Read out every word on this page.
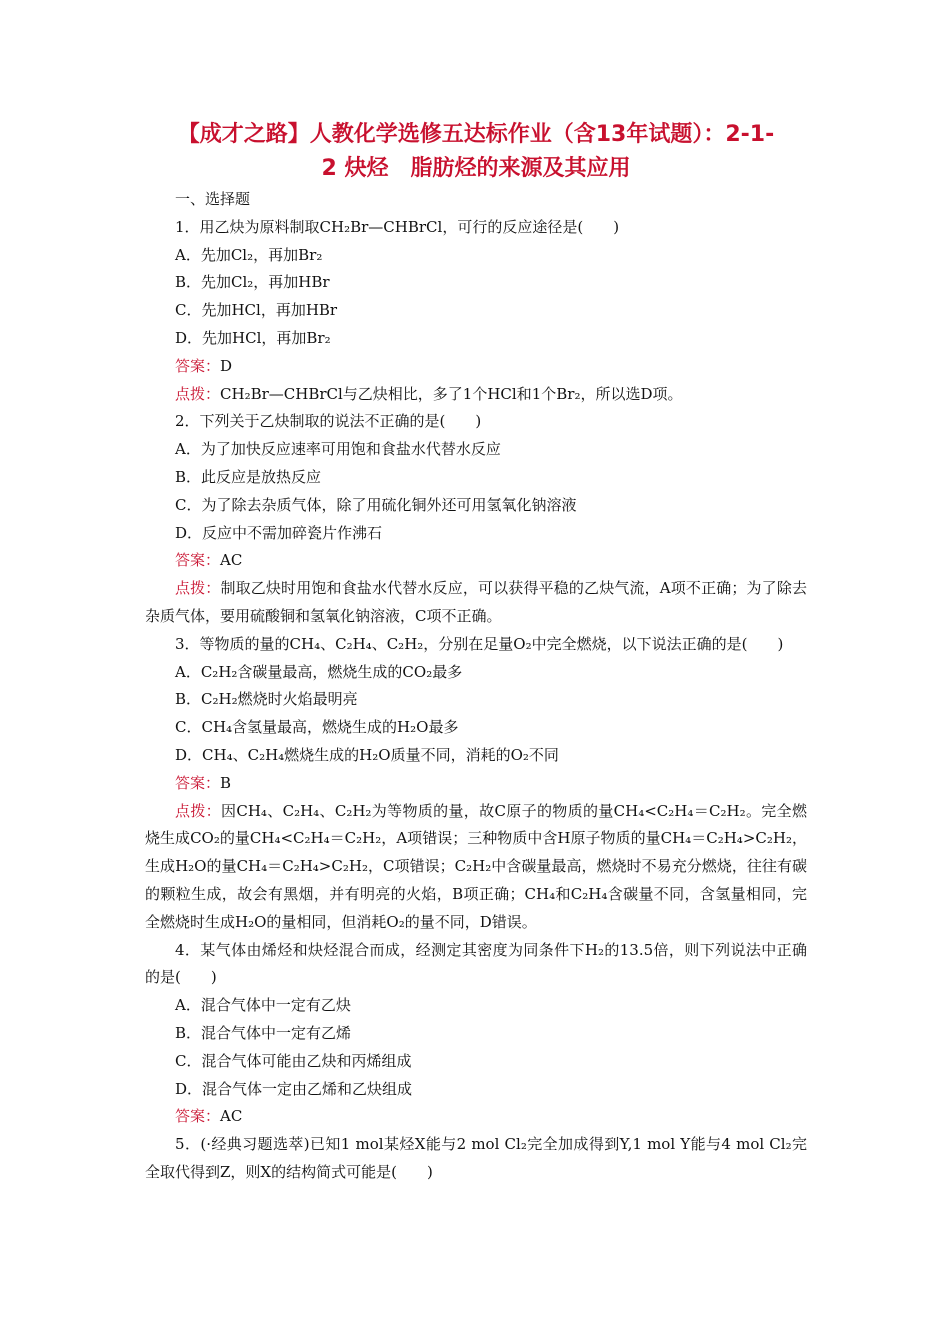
【成才之路】人教化学选修五达标作业（含13年试题）：2-1-

2 炔烃　脂肪烃的来源及其应用

一、选择题

1．用乙炔为原料制取CH₂Br—CHBrCl，可行的反应途径是(　　)

A．先加Cl₂，再加Br₂

B．先加Cl₂，再加HBr

C．先加HCl，再加HBr

D．先加HCl，再加Br₂

答案：D

点拨：CH₂Br—CHBrCl与乙炔相比，多了1个HCl和1个Br₂，所以选D项。

2．下列关于乙炔制取的说法不正确的是(　　)

A．为了加快反应速率可用饱和食盐水代替水反应

B．此反应是放热反应

C．为了除去杂质气体，除了用硫化铜外还可用氢氧化钠溶液

D．反应中不需加碎瓷片作沸石

答案：AC

点拨：制取乙炔时用饱和食盐水代替水反应，可以获得平稳的乙炔气流，A项不正确；为了除去杂质气体，要用硫酸铜和氢氧化钠溶液，C项不正确。

3．等物质的量的CH₄、C₂H₄、C₂H₂，分别在足量O₂中完全燃烧，以下说法正确的是(　　)

A．C₂H₂含碳量最高，燃烧生成的CO₂最多

B．C₂H₂燃烧时火焰最明亮

C．CH₄含氢量最高，燃烧生成的H₂O最多

D．CH₄、C₂H₄燃烧生成的H₂O质量不同，消耗的O₂不同

答案：B

点拨：因CH₄、C₂H₄、C₂H₂为等物质的量，故C原子的物质的量CH₄<C₂H₄＝C₂H₂。完全燃烧生成CO₂的量CH₄<C₂H₄＝C₂H₂，A项错误；三种物质中含H原子物质的量CH₄＝C₂H₄>C₂H₂，生成H₂O的量CH₄＝C₂H₄>C₂H₂，C项错误；C₂H₂中含碳量最高，燃烧时不易充分燃烧，往往有碳的颗粒生成，故会有黑烟，并有明亮的火焰，B项正确；CH₄和C₂H₄含碳量不同，含氢量相同，完全燃烧时生成H₂O的量相同，但消耗O₂的量不同，D错误。

4．某气体由烯烃和炔烃混合而成，经测定其密度为同条件下H₂的13.5倍，则下列说法中正确的是(　　)

A．混合气体中一定有乙炔

B．混合气体中一定有乙烯

C．混合气体可能由乙炔和丙烯组成

D．混合气体一定由乙烯和乙炔组成

答案：AC

5．(·经典习题选萃)已知1 mol某烃X能与2 mol Cl₂完全加成得到Y,1 mol Y能与4 mol Cl₂完全取代得到Z，则X的结构简式可能是(　　)
